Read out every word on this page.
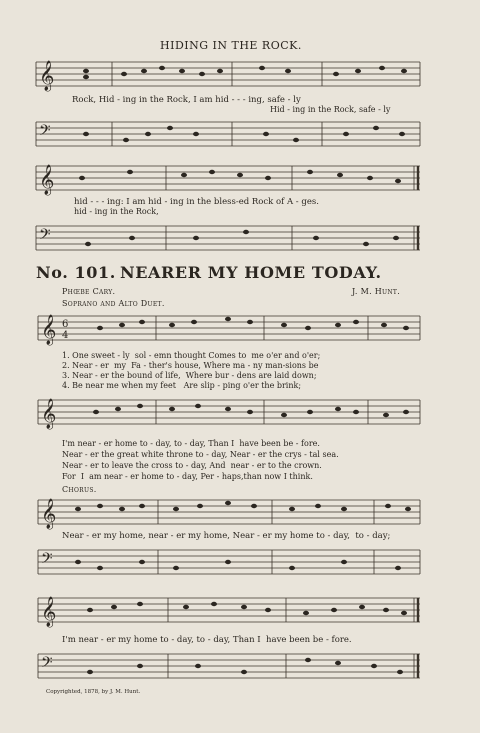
HIDING IN THE ROCK.
𝄞
Rock, Hid - ing in the Rock, I am hid - - - ing, safe - ly
Hid - ing in the Rock, safe - ly
𝄢
𝄞
hid - - - ing: I am hid - ing in the bless-ed Rock of A - ges.
hid - ing in the Rock,
𝄢
No. 101. NEARER MY HOME TODAY.
Phœbe Cary.	J. M. Hunt.
Soprano and Alto Duet.
𝄞 6
4
1. One sweet - ly  sol - emn thought Comes to  me o'er and o'er;
2. Near - er  my  Fa - ther's house, Where ma - ny man-sions be
3. Near - er the bound of life,  Where bur - dens are laid down;
4. Be near me when my feet   Are slip - ping o'er the brink;
𝄞
I'm near - er home to - day, to - day, Than I  have been be - fore.
Near - er the great white throne to - day, Near - er the crys - tal sea.
Near - er to leave the cross to - day, And  near - er to the crown.
For  I  am near - er home to - day, Per - haps,than now I think.
Chorus.
𝄞
Near - er my home, near - er my home, Near - er my home to - day,  to - day;
𝄢
𝄞
I'm near - er my home to - day, to - day, Than I  have been be - fore.
𝄢
Copyrighted, 1878, by J. M. Hunt.
